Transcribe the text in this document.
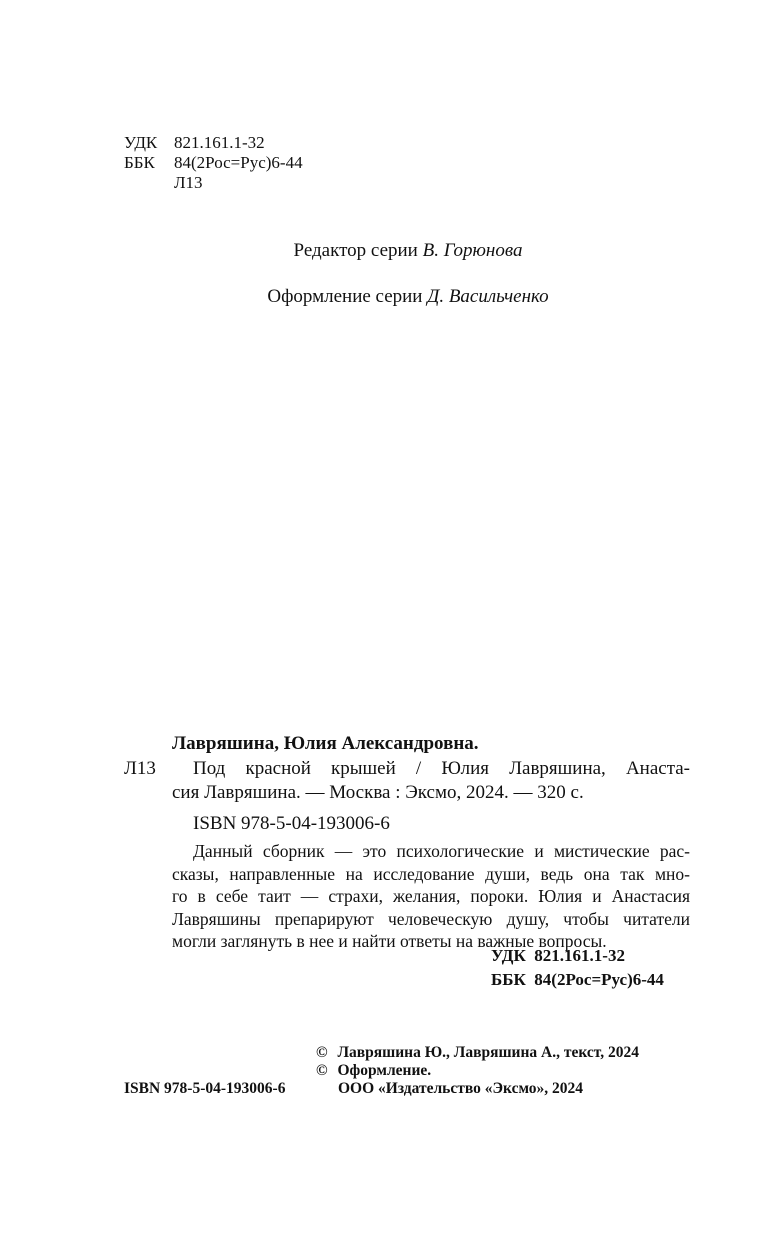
УДК 821.161.1-32
ББК 84(2Рос=Рус)6-44
Л13
Редактор серии В. Горюнова
Оформление серии Д. Васильченко
Лавряшина, Юлия Александровна.
Л13 Под красной крышей / Юлия Лавряшина, Анаста-
сия Лавряшина. — Москва : Эксмо, 2024. — 320 с.
ISBN 978-5-04-193006-6
Данный сборник — это психологические и мистические рас-
сказы, направленные на исследование души, ведь она так мно-
го в себе таит — страхи, желания, пороки. Юлия и Анастасия
Лавряшины препарируют человеческую душу, чтобы читатели
могли заглянуть в нее и найти ответы на важные вопросы.
УДК  821.161.1-32
ББК  84(2Рос=Рус)6-44
© Лавряшина Ю., Лавряшина А., текст, 2024
© Оформление.
ISBN 978-5-04-193006-6	ООО «Издательство «Эксмо», 2024
